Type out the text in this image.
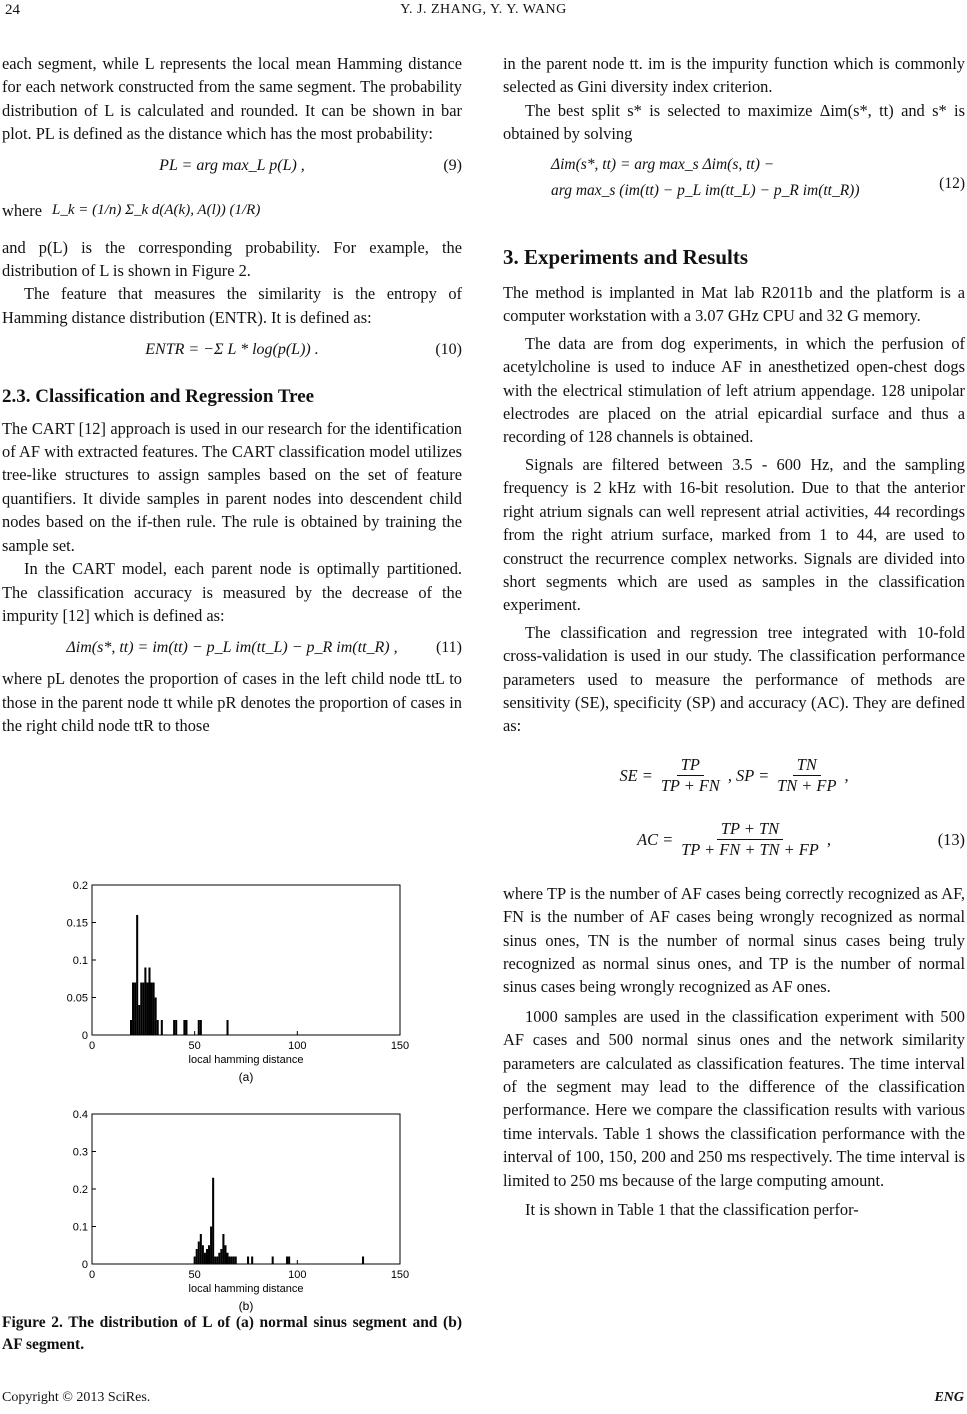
24	Y. J. ZHANG, Y. Y. WANG

each segment, while L represents the local mean Hamming distance for each network constructed from the same segment. The probability distribution of L is calculated and rounded. It can be shown in bar plot. PL is defined as the distance which has the most probability:

PL = arg max_L p(L) ,	(9)
where L_k = (1/n) Σ_k d(A(k), A(l)) (1/R)

and p(L) is the corresponding probability. For example, the distribution of L is shown in Figure 2.

The feature that measures the similarity is the entropy of Hamming distance distribution (ENTR). It is defined as:

ENTR = −Σ L * log(p(L)) .	(10)
2.3. Classification and Regression Tree

The CART [12] approach is used in our research for the identification of AF with extracted features. The CART classification model utilizes tree-like structures to assign samples based on the set of feature quantifiers. It divide samples in parent nodes into descendent child nodes based on the if-then rule. The rule is obtained by training the sample set.

In the CART model, each parent node is optimally partitioned. The classification accuracy is measured by the decrease of the impurity [12] which is defined as:

Δim(s*, tt) = im(tt) − p_L im(tt_L) − p_R im(tt_R) , (11)

where pL denotes the proportion of cases in the left child node ttL to those in the parent node tt while pR denotes the proportion of cases in the right child node ttR to those

0	50	100	150
0
0.05
0.1
0.15
0.2
local hamming distance
(a)

0	50	100	150
0
0.1
0.2
0.3
0.4
local hamming distance
(b)
Figure 2. The distribution of L of (a) normal sinus segment and (b) AF segment.

in the parent node tt. im is the impurity function which is commonly selected as Gini diversity index criterion.

The best split s* is selected to maximize Δim(s*, tt) and s* is obtained by solving

Δim(s*, tt) = arg max_s Δim(s, tt) −
arg max_s (im(tt) − p_L im(tt_L) − p_R im(tt_R))	(12)
3. Experiments and Results

The method is implanted in Mat lab R2011b and the platform is a computer workstation with a 3.07 GHz CPU and 32 G memory.

The data are from dog experiments, in which the perfusion of acetylcholine is used to induce AF in anesthetized open-chest dogs with the electrical stimulation of left atrium appendage. 128 unipolar electrodes are placed on the atrial epicardial surface and thus a recording of 128 channels is obtained.

Signals are filtered between 3.5 - 600 Hz, and the sampling frequency is 2 kHz with 16-bit resolution. Due to that the anterior right atrium signals can well represent atrial activities, 44 recordings from the right atrium surface, marked from 1 to 44, are used to construct the recurrence complex networks. Signals are divided into short segments which are used as samples in the classification experiment.

The classification and regression tree integrated with 10-fold cross-validation is used in our study. The classification performance parameters used to measure the performance of methods are sensitivity (SE), specificity (SP) and accuracy (AC). They are defined as:

SE = $\frac{TP}{TP + FN}$ , SP = $\frac{TN}{TN + FP}$ ,
AC = $\frac{TP + TN}{TP + FN + TN + FP}$ ,	(13)

where TP is the number of AF cases being correctly recognized as AF, FN is the number of AF cases being wrongly recognized as normal sinus ones, TN is the number of normal sinus cases being truly recognized as normal sinus ones, and TP is the number of normal sinus cases being wrongly recognized as AF ones.

1000 samples are used in the classification experiment with 500 AF cases and 500 normal sinus ones and the network similarity parameters are calculated as classification features. The time interval of the segment may lead to the difference of the classification performance. Here we compare the classification results with various time intervals. Table 1 shows the classification performance with the interval of 100, 150, 200 and 250 ms respectively. The time interval is limited to 250 ms because of the large computing amount.

It is shown in Table 1 that the classification perfor-

Copyright © 2013 SciRes.	ENG
